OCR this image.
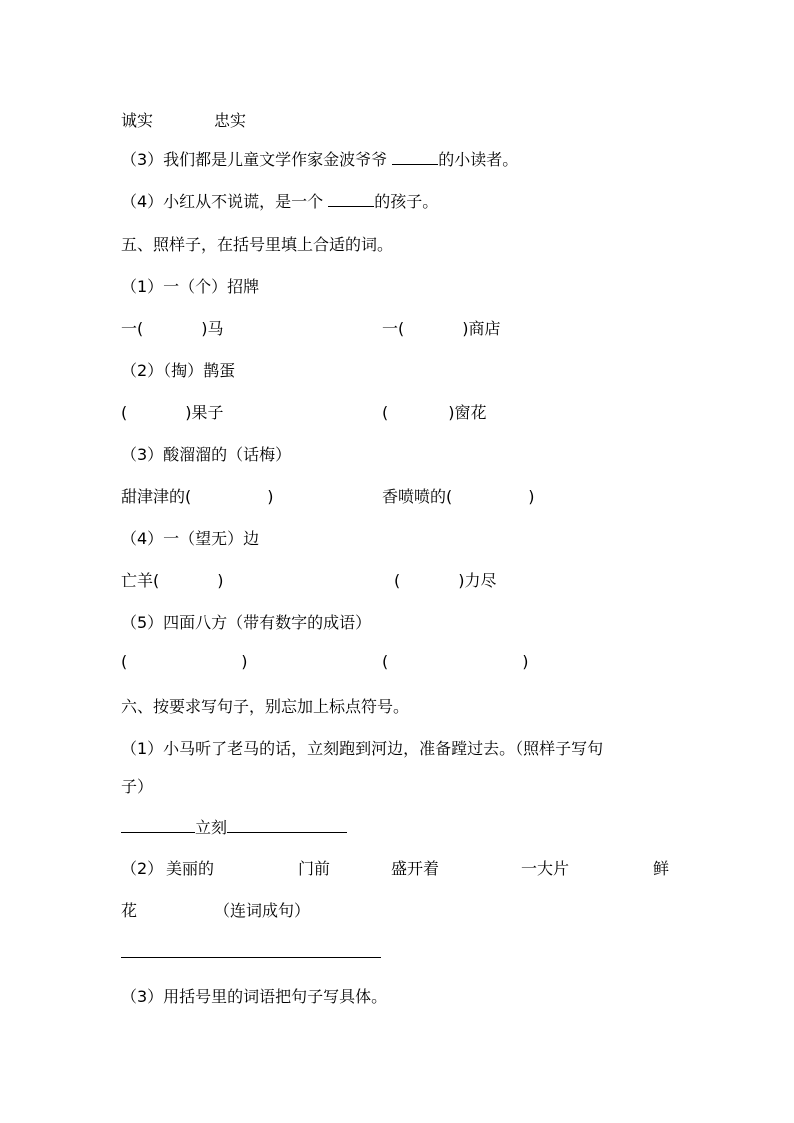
诚实	忠实
（3）我们都是儿童文学作家金波爷爷	的小读者。
（4）小红从不说谎，是一个	的孩子。
五、照样子，在括号里填上合适的词。
（1）一（个）招牌
一(	)马	一(	)商店
（2）（掏）鹊蛋
(	)果子	(	)窗花
（3）酸溜溜的（话梅）
甜津津的(	)	香喷喷的(	)
（4）一（望无）边
亡羊(	)	(	)力尽
（5）四面八方（带有数字的成语）
(	)	(	)
六、按要求写句子，别忘加上标点符号。
（1）小马听了老马的话，立刻跑到河边，准备蹚过去。（照样子写句
子）
立刻
（2） 美丽的	门前	盛开着	一大片	鲜
花	（连词成句）
（3）用括号里的词语把句子写具体。
